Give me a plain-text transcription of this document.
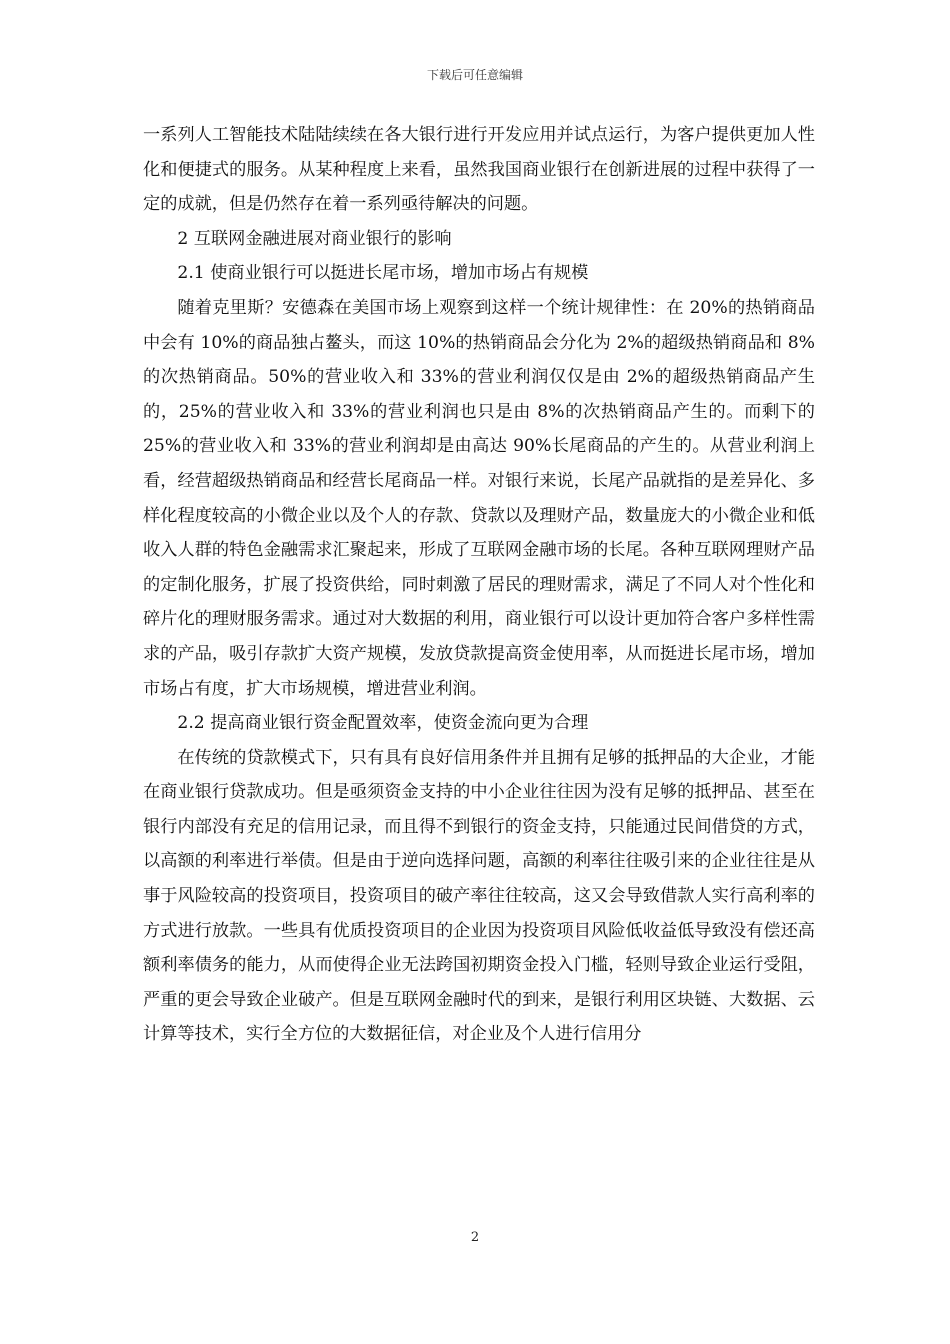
下载后可任意编辑

一系列人工智能技术陆陆续续在各大银行进行开发应用并试点运行，为客户提供更加人性化和便捷式的服务。从某种程度上来看，虽然我国商业银行在创新进展的过程中获得了一定的成就，但是仍然存在着一系列亟待解决的问题。

2 互联网金融进展对商业银行的影响

2.1 使商业银行可以挺进长尾市场，增加市场占有规模

随着克里斯？安德森在美国市场上观察到这样一个统计规律性：在 20%的热销商品中会有 10%的商品独占鳌头，而这 10%的热销商品会分化为 2%的超级热销商品和 8%的次热销商品。50%的营业收入和 33%的营业利润仅仅是由 2%的超级热销商品产生的，25%的营业收入和 33%的营业利润也只是由 8%的次热销商品产生的。而剩下的 25%的营业收入和 33%的营业利润却是由高达 90%长尾商品的产生的。从营业利润上看，经营超级热销商品和经营长尾商品一样。对银行来说，长尾产品就指的是差异化、多样化程度较高的小微企业以及个人的存款、贷款以及理财产品，数量庞大的小微企业和低收入人群的特色金融需求汇聚起来，形成了互联网金融市场的长尾。各种互联网理财产品的定制化服务，扩展了投资供给，同时刺激了居民的理财需求，满足了不同人对个性化和碎片化的理财服务需求。通过对大数据的利用，商业银行可以设计更加符合客户多样性需求的产品，吸引存款扩大资产规模，发放贷款提高资金使用率，从而挺进长尾市场，增加市场占有度，扩大市场规模，增进营业利润。

2.2 提高商业银行资金配置效率，使资金流向更为合理

在传统的贷款模式下，只有具有良好信用条件并且拥有足够的抵押品的大企业，才能在商业银行贷款成功。但是亟须资金支持的中小企业往往因为没有足够的抵押品、甚至在银行内部没有充足的信用记录，而且得不到银行的资金支持，只能通过民间借贷的方式，以高额的利率进行举债。但是由于逆向选择问题，高额的利率往往吸引来的企业往往是从事于风险较高的投资项目，投资项目的破产率往往较高，这又会导致借款人实行高利率的方式进行放款。一些具有优质投资项目的企业因为投资项目风险低收益低导致没有偿还高额利率债务的能力，从而使得企业无法跨国初期资金投入门槛，轻则导致企业运行受阻，严重的更会导致企业破产。但是互联网金融时代的到来，是银行利用区块链、大数据、云计算等技术，实行全方位的大数据征信，对企业及个人进行信用分

2
